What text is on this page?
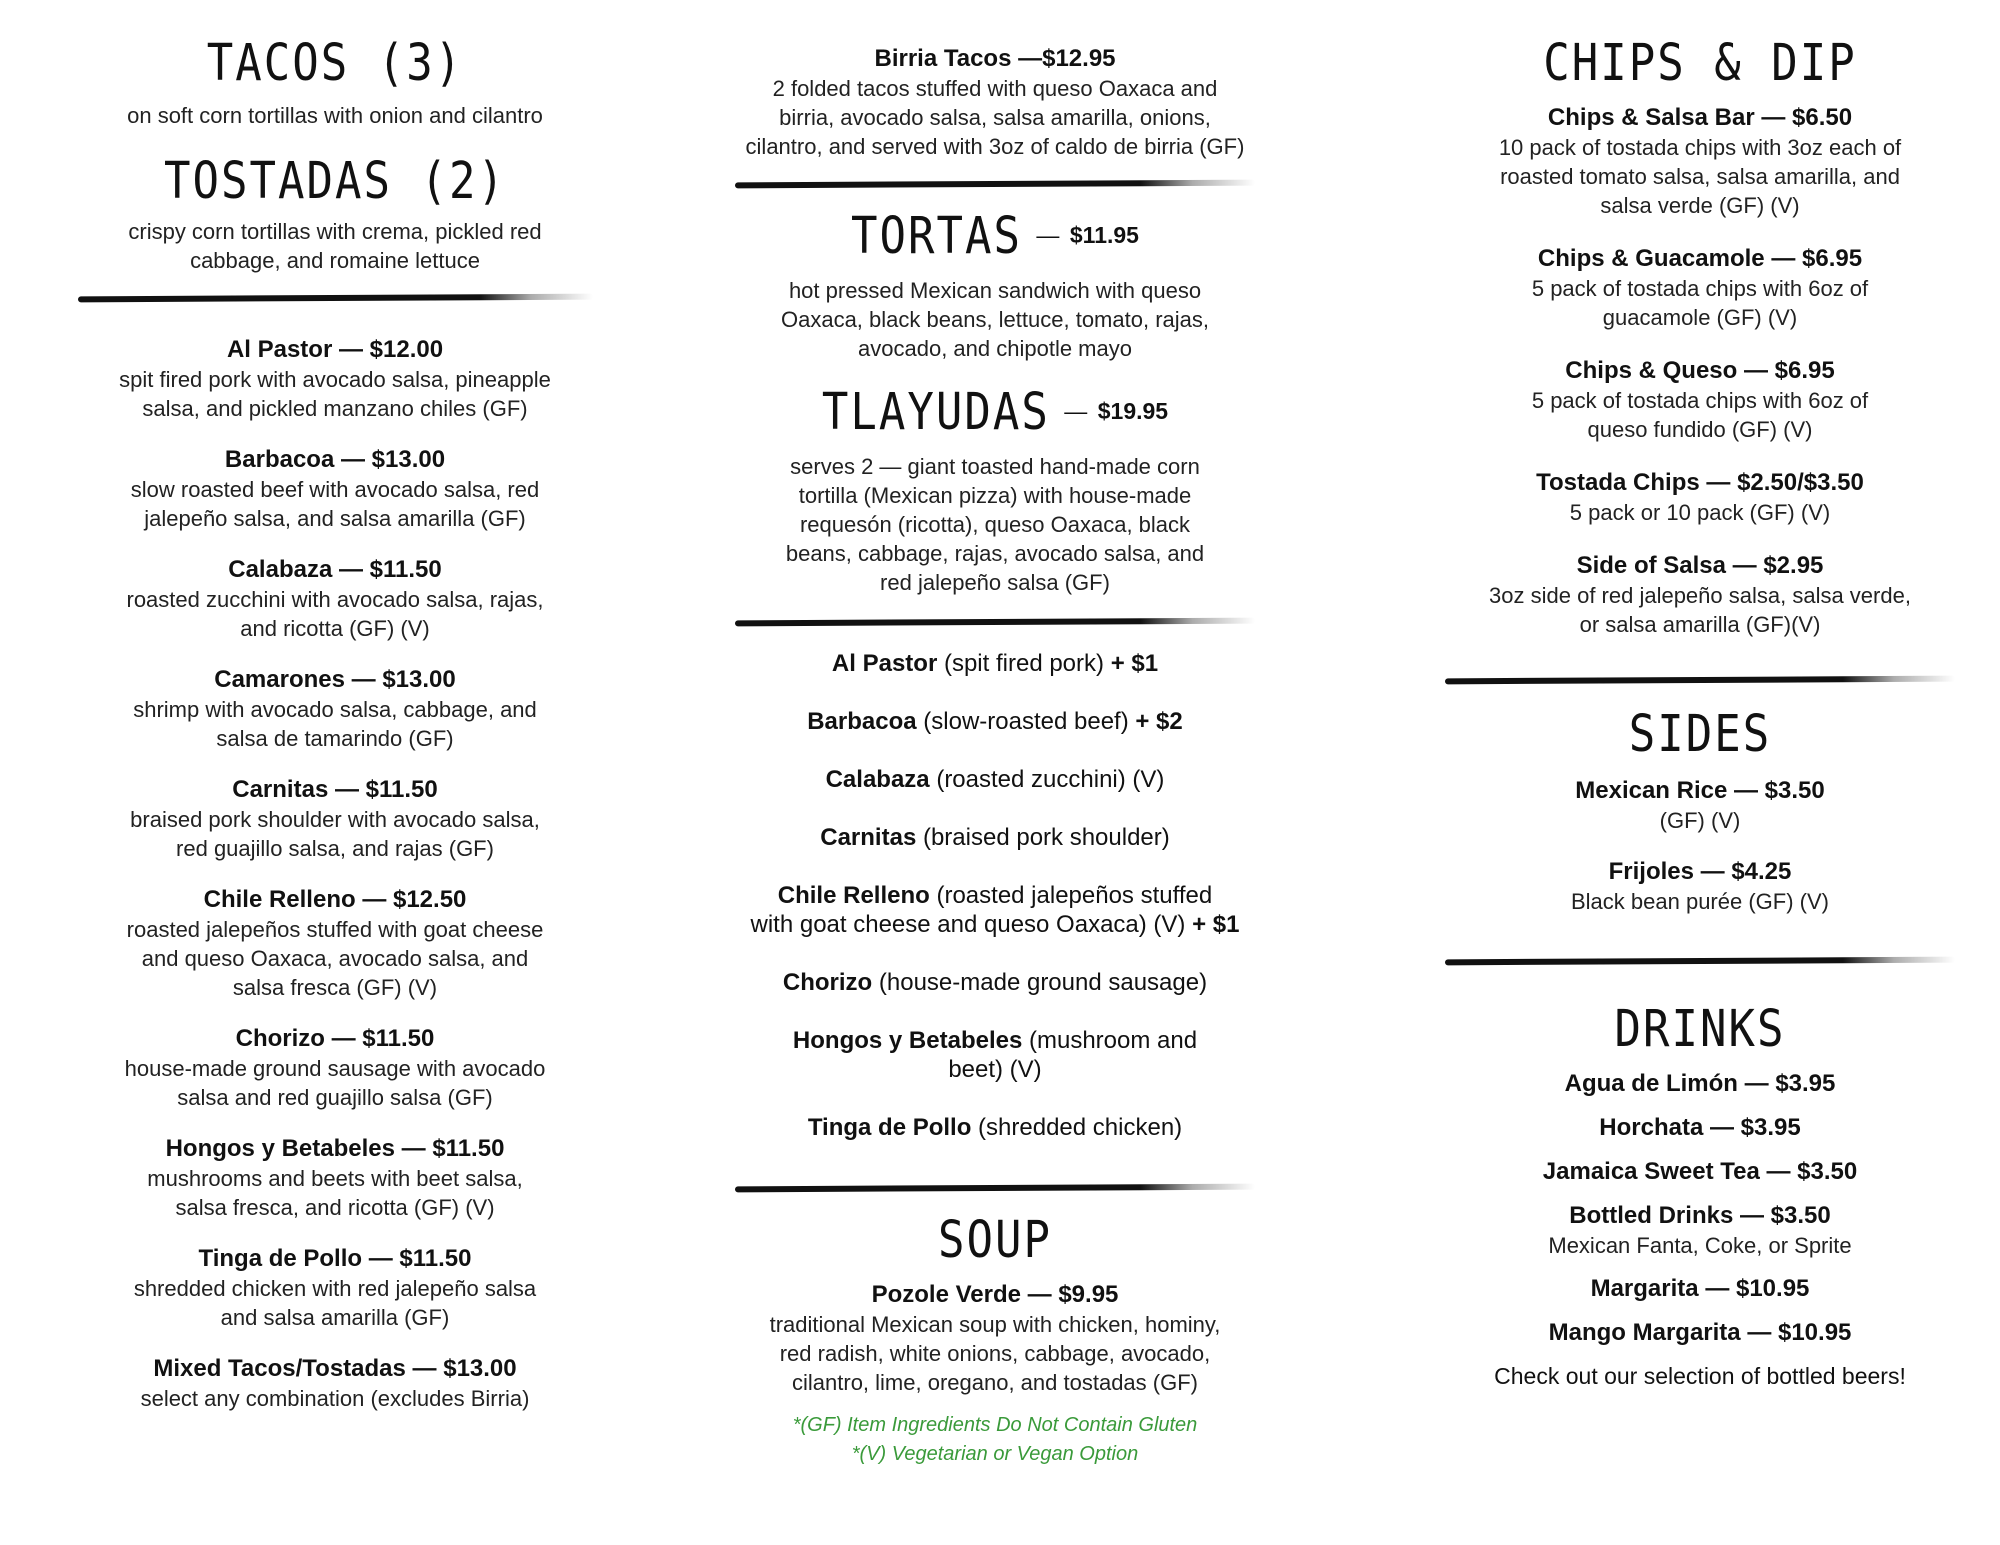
TACOS (3)
on soft corn tortillas with onion and cilantro
TOSTADAS (2)
crispy corn tortillas with crema, pickled red
cabbage, and romaine lettuce
Al Pastor — $12.00
spit fired pork with avocado salsa, pineapple
salsa, and pickled manzano chiles (GF)
Barbacoa — $13.00
slow roasted beef with avocado salsa, red
jalepeño salsa, and salsa amarilla (GF)
Calabaza — $11.50
roasted zucchini with avocado salsa, rajas,
and ricotta (GF) (V)
Camarones — $13.00
shrimp with avocado salsa, cabbage, and
salsa de tamarindo (GF)
Carnitas — $11.50
braised pork shoulder with avocado salsa,
red guajillo salsa, and rajas (GF)
Chile Relleno — $12.50
roasted jalepeños stuffed with goat cheese
and queso Oaxaca, avocado salsa, and
salsa fresca (GF) (V)
Chorizo — $11.50
house-made ground sausage with avocado
salsa and red guajillo salsa (GF)
Hongos y Betabeles — $11.50
mushrooms and beets with beet salsa,
salsa fresca, and ricotta (GF) (V)
Tinga de Pollo — $11.50
shredded chicken with red jalepeño salsa
and salsa amarilla (GF)
Mixed Tacos/Tostadas — $13.00
select any combination (excludes Birria)
Birria Tacos —$12.95
2 folded tacos stuffed with queso Oaxaca and
birria, avocado salsa, salsa amarilla, onions,
cilantro, and served with 3oz of caldo de birria (GF)
TORTAS — $11.95
hot pressed Mexican sandwich with queso
Oaxaca, black beans, lettuce, tomato, rajas,
avocado, and chipotle mayo
TLAYUDAS — $19.95
serves 2 — giant toasted hand-made corn
tortilla (Mexican pizza) with house-made
requesón (ricotta), queso Oaxaca, black
beans, cabbage, rajas, avocado salsa, and
red jalepeño salsa (GF)
Al Pastor (spit fired pork) + $1
Barbacoa (slow-roasted beef) + $2
Calabaza (roasted zucchini) (V)
Carnitas (braised pork shoulder)
Chile Relleno (roasted jalepeños stuffed
with goat cheese and queso Oaxaca) (V) + $1
Chorizo (house-made ground sausage)
Hongos y Betabeles (mushroom and
beet) (V)
Tinga de Pollo (shredded chicken)
SOUP
Pozole Verde — $9.95
traditional Mexican soup with chicken, hominy,
red radish, white onions, cabbage, avocado,
cilantro, lime, oregano, and tostadas (GF)
*(GF) Item Ingredients Do Not Contain Gluten
*(V) Vegetarian or Vegan Option
CHIPS & DIP
Chips & Salsa Bar — $6.50
10 pack of tostada chips with 3oz each of
roasted tomato salsa, salsa amarilla, and
salsa verde (GF) (V)
Chips & Guacamole — $6.95
5 pack of tostada chips with 6oz of
guacamole (GF) (V)
Chips & Queso — $6.95
5 pack of tostada chips with 6oz of
queso fundido (GF) (V)
Tostada Chips — $2.50/$3.50
5 pack or 10 pack (GF) (V)
Side of Salsa — $2.95
3oz side of red jalepeño salsa, salsa verde,
or salsa amarilla (GF)(V)
SIDES
Mexican Rice — $3.50
(GF) (V)
Frijoles — $4.25
Black bean purée (GF) (V)
DRINKS
Agua de Limón — $3.95
Horchata — $3.95
Jamaica Sweet Tea — $3.50
Bottled Drinks — $3.50
Mexican Fanta, Coke, or Sprite
Margarita — $10.95
Mango Margarita — $10.95
Check out our selection of bottled beers!
